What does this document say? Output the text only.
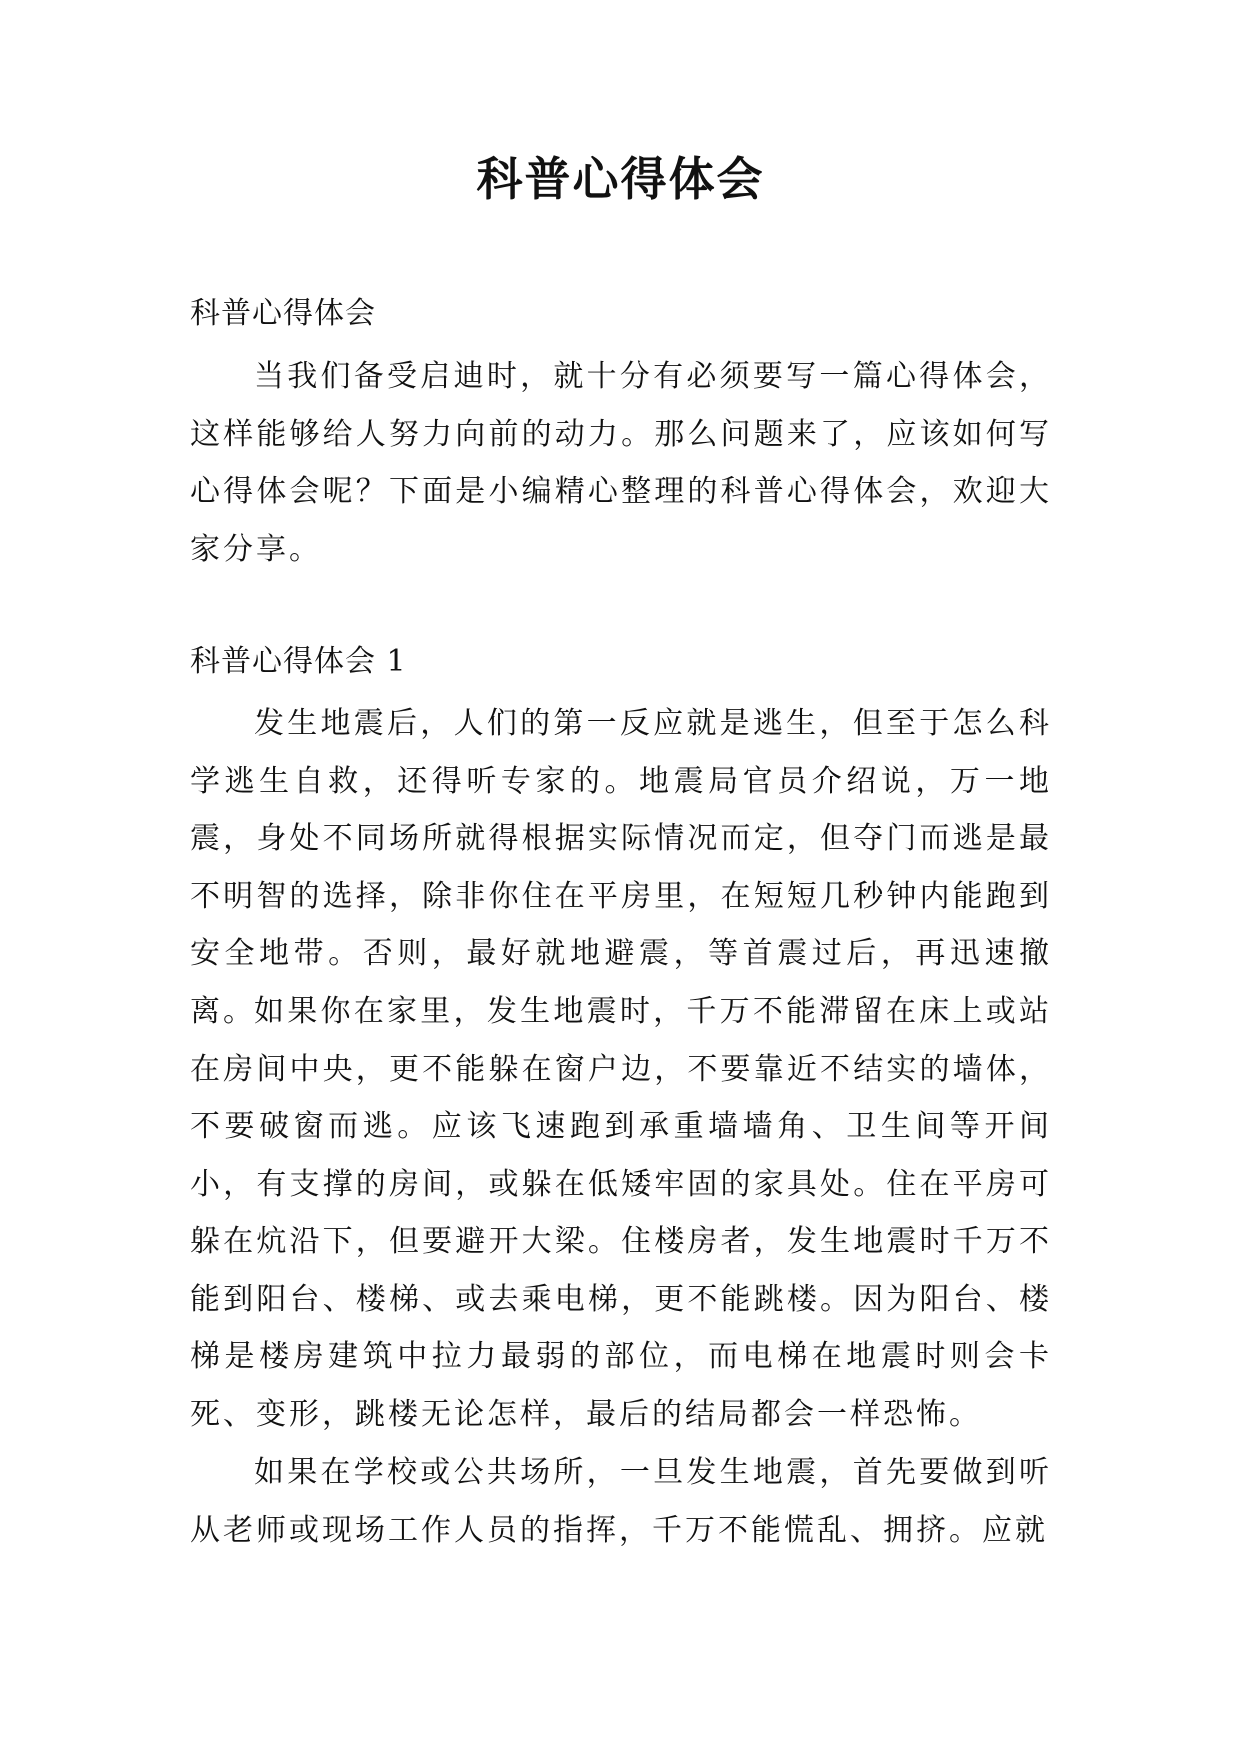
科普心得体会
科普心得体会

当我们备受启迪时，就十分有必须要写一篇心得体会，这样能够给人努力向前的动力。那么问题来了，应该如何写心得体会呢？下面是小编精心整理的科普心得体会，欢迎大家分享。

科普心得体会 1

发生地震后，人们的第一反应就是逃生，但至于怎么科学逃生自救，还得听专家的。地震局官员介绍说，万一地震，身处不同场所就得根据实际情况而定，但夺门而逃是最不明智的选择，除非你住在平房里，在短短几秒钟内能跑到安全地带。否则，最好就地避震，等首震过后，再迅速撤离。

如果你在家里，发生地震时，千万不能滞留在床上或站在房间中央，更不能躲在窗户边，不要靠近不结实的墙体，不要破窗而逃。应该飞速跑到承重墙墙角、卫生间等开间小，有支撑的房间，或躲在低矮牢固的家具处。住在平房可躲在炕沿下，但要避开大梁。住楼房者，发生地震时千万不能到阳台、楼梯、或去乘电梯，更不能跳楼。因为阳台、楼梯是楼房建筑中拉力最弱的部位，而电梯在地震时则会卡死、变形，跳楼无论怎样，最后的结局都会一样恐怖。

如果在学校或公共场所，一旦发生地震，首先要做到听从老师或现场工作人员的指挥，千万不能慌乱、拥挤。应就
